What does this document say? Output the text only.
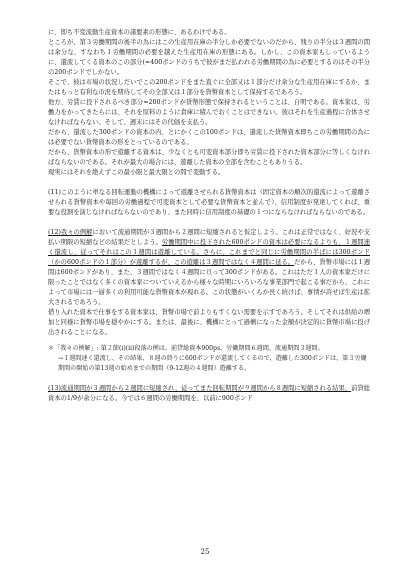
に、即ち不変流動生産資本の諸要素の形態に、あるわけである。

ところが、第３労働期間の後半の為にはこの生産用在庫の半分しか必要でないのだから、残りの半分は３週間の間は余分な、すなわち１労働期間の必要を越えた生産用在庫の形態にある。しかし、この資本家もしっているように、還流してくる資本のこの部分(=400ポンドのうちで彼がまだ払われる労働期間の為に必要とするのはその半分の200ポンドでしかない。

そこで、彼は市場の状況しだいでこの200ポンドをまた直ぐに全部又は１部分だけ余分な生産用在庫にするか、またはもっと有利な市況を期待してその全部又は１部分を貨幣資本として保持するであろう。

他方、労賃に投下されるべき部分=200ポンドが貨幣形態で保持されるということは、自明である。資本家は、労働力をかってきたらには、それを原料のように倉庫に積んでおくことはできない。彼はそれを生産過程に合体させなければならない。そして、週末にはその代価を支払う。

だから、還流した300ポンドの資本の内、とにかくこの100ポンドは、還流した貨幣資本即ちこの労働期間の為には必要でない貨幣資本の形をとっているのである。

だから、貨幣資本の形で遊離する資本は、少なくとも可変資本部分即ち労賃に投下された資本部分に等しくなければならないのである。それが最大の場合には、遊離した資本の全部を含むこともありうる。

現実にはそれを絶えずこの最小限と最大限との間で変動する。

(11)このように単なる回転運動の機構によって遊離させられる貨幣資本は（固定資本の順次的還流によって遊離させられる貨幣資本や毎回の労働過程で可変資本として必要な貨幣資本と並んで）、信用制度が発達してくれば、重要な役割を演じなければならないのであり、また同時に信用制度の基礎の１つにならなければならないのである。

(12)我々の例解において流通期間が３週間から２週間に短縮されると仮定しよう。これは正常ではなく、好況や支払い期限の短縮などの結果だとしよう。労働期間中に投下された600ポンドの資本は必要になるよりも、１週間速く還流し、従ってそれはこの１週間は遊離している。さらに、これまでと同じに労働期間の半ばには300ポンド（かの600ポンドの１部分）が遊離するが、この遊離は３週間ではなく４週間に延る。だから、貨幣市場には１週間は600ポンドがあり、また、３週間ではなく４週間に亘って300ポンドがある。これはただ１人の資本家だけに限ったことではなく多くの資本家についていえるから様々な時期にいろいろな事業部門で起こる事だから、これによって市場には一層多くの利用可能な貨幣資本が現れる。この状態がいくらか長く続けば、事情が許せば生産は拡大されるであろう。

借り入れた資本で仕事をする資本家は、貨幣市場で前よりもすくない需要を示すであろう。そしてそれは供給の増加と同様に貨幣市場を穏やかにする。または、最後に、機構にとって過剰になった金額が決定的に貨幣市場に投げ出されることになる。

＊「我々の例解」: 第２節(ⅰ)(ⅱ)段落の例は、前貸総資本900ps、労働期間６週間、流通期間３週間。

→１週間速く還流し、その結果、８週の終りに600ポンドが還流してくるので、遊離した300ポンドは、第３労働期間の開始の第13週の始めまでの期間（9-12週の４週間）遊離する。

(13)流通期間が３週間から２週間に短縮され、従ってまた回転期間が９週間から８週間に短縮される結果、前貸総資本の1/9が余分になる。今では６週間の労働期間を、以前に900ポンド

25
